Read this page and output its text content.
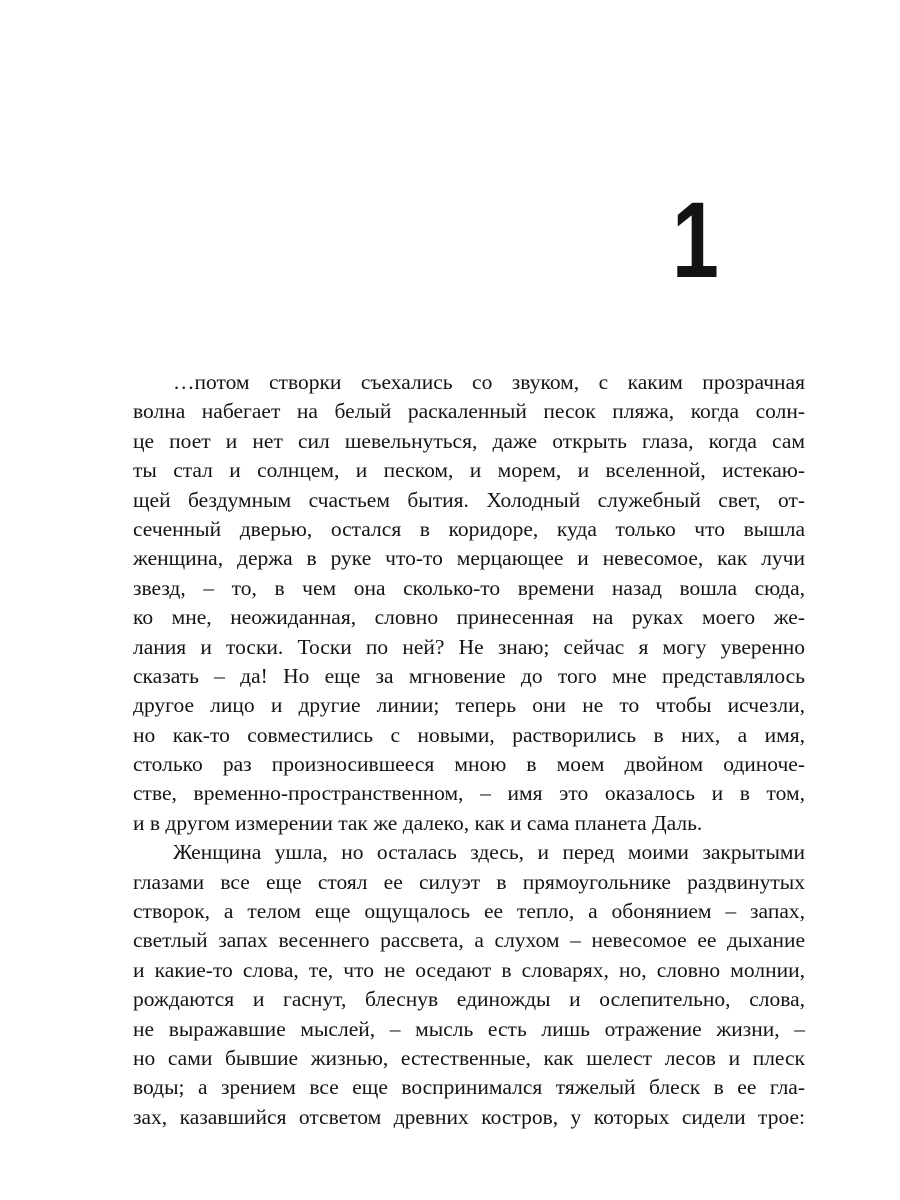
1
…потом створки съехались со звуком, с каким прозрачная
волна набегает на белый раскаленный песок пляжа, когда солн-
це поет и нет сил шевельнуться, даже открыть глаза, когда сам
ты стал и солнцем, и песком, и морем, и вселенной, истекаю-
щей бездумным счастьем бытия. Холодный служебный свет, от-
сеченный дверью, остался в коридоре, куда только что вышла
женщина, держа в руке что-то мерцающее и невесомое, как лучи
звезд, – то, в чем она сколько-то времени назад вошла сюда,
ко мне, неожиданная, словно принесенная на руках моего же-
лания и тоски. Тоски по ней? Не знаю; сейчас я могу уверенно
сказать – да! Но еще за мгновение до того мне представлялось
другое лицо и другие линии; теперь они не то чтобы исчезли,
но как-то совместились с новыми, растворились в них, а имя,
столько раз произносившееся мною в моем двойном одиноче-
стве, временно-пространственном, – имя это оказалось и в том,
и в другом измерении так же далеко, как и сама планета Даль.
Женщина ушла, но осталась здесь, и перед моими закрытыми
глазами все еще стоял ее силуэт в прямоугольнике раздвинутых
створок, а телом еще ощущалось ее тепло, а обонянием – запах,
светлый запах весеннего рассвета, а слухом – невесомое ее дыхание
и какие-то слова, те, что не оседают в словарях, но, словно молнии,
рождаются и гаснут, блеснув единожды и ослепительно, слова,
не выражавшие мыслей, – мысль есть лишь отражение жизни, –
но сами бывшие жизнью, естественные, как шелест лесов и плеск
воды; а зрением все еще воспринимался тяжелый блеск в ее гла-
зах, казавшийся отсветом древних костров, у которых сидели трое:
